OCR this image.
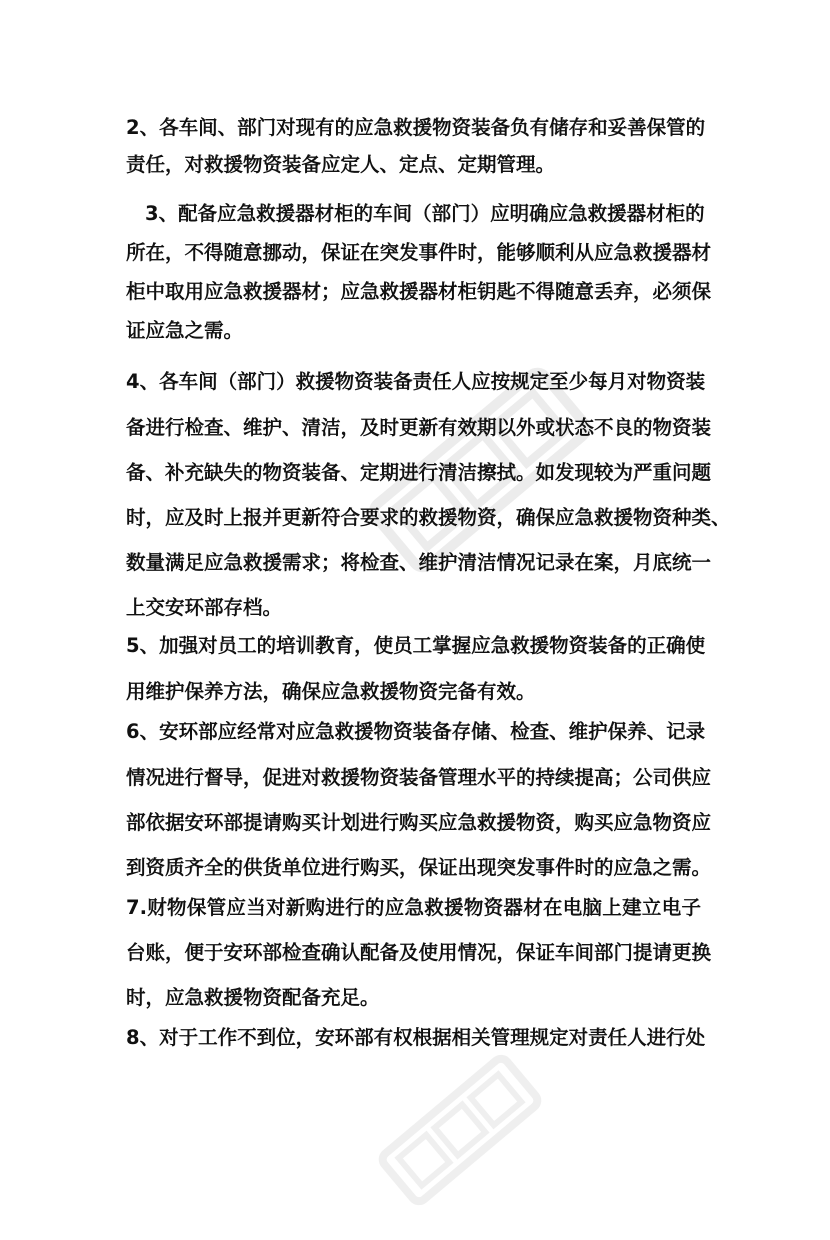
2、各车间、部门对现有的应急救援物资装备负有储存和妥善保管的
责任，对救援物资装备应定人、定点、定期管理。
3、配备应急救援器材柜的车间（部门）应明确应急救援器材柜的
所在，不得随意挪动，保证在突发事件时，能够顺利从应急救援器材
柜中取用应急救援器材；应急救援器材柜钥匙不得随意丢弃，必须保
证应急之需。
4、各车间（部门）救援物资装备责任人应按规定至少每月对物资装
备进行检查、维护、清洁，及时更新有效期以外或状态不良的物资装
备、补充缺失的物资装备、定期进行清洁擦拭。如发现较为严重问题
时，应及时上报并更新符合要求的救援物资，确保应急救援物资种类、
数量满足应急救援需求；将检查、维护清洁情况记录在案，月底统一
上交安环部存档。
5、加强对员工的培训教育，使员工掌握应急救援物资装备的正确使
用维护保养方法，确保应急救援物资完备有效。
6、安环部应经常对应急救援物资装备存储、检查、维护保养、记录
情况进行督导，促进对救援物资装备管理水平的持续提高；公司供应
部依据安环部提请购买计划进行购买应急救援物资，购买应急物资应
到资质齐全的供货单位进行购买，保证出现突发事件时的应急之需。
7.财物保管应当对新购进行的应急救援物资器材在电脑上建立电子
台账，便于安环部检查确认配备及使用情况，保证车间部门提请更换
时，应急救援物资配备充足。
8、对于工作不到位，安环部有权根据相关管理规定对责任人进行处
